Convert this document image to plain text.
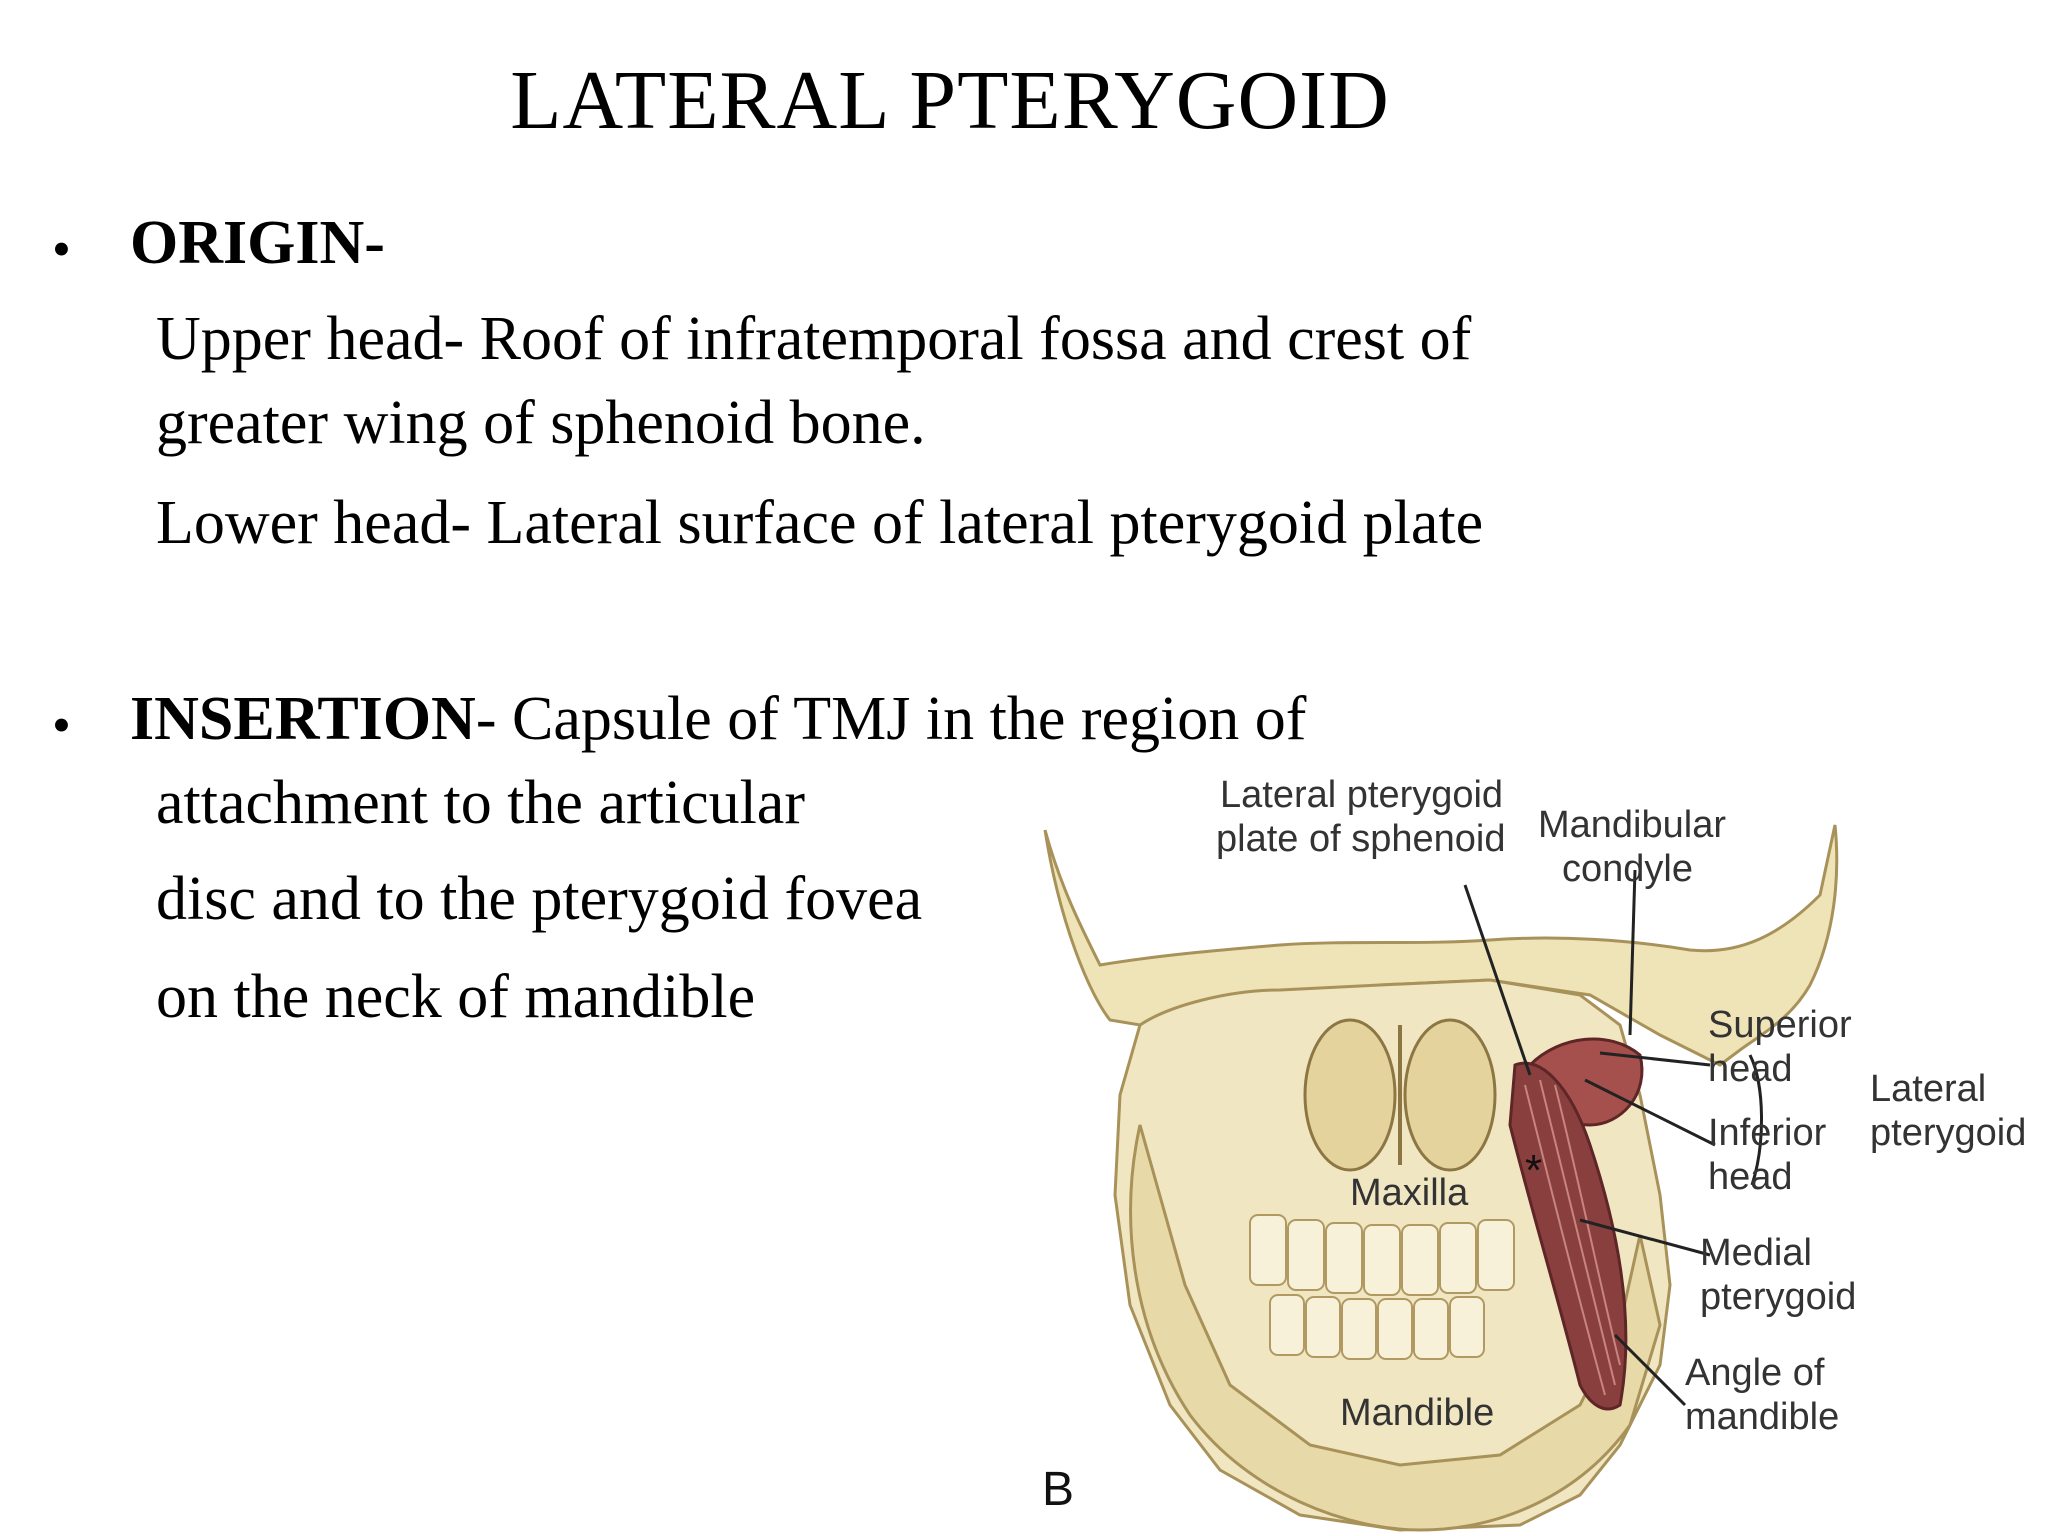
LATERAL PTERYGOID
• ORIGIN-
Upper head- Roof of infratemporal fossa and crest of
greater wing of sphenoid bone.
Lower head- Lateral surface of lateral pterygoid plate
• INSERTION- Capsule of TMJ in the region of
attachment to the articular
disc and to the pterygoid fovea
on the neck of mandible
Lateral pterygoid
plate of sphenoid Mandibular
condyle
Superior
head
Inferior
head
Lateral
pterygoid
Medial
pterygoid
Angle of
mandible
Maxilla
Mandible
*
B
